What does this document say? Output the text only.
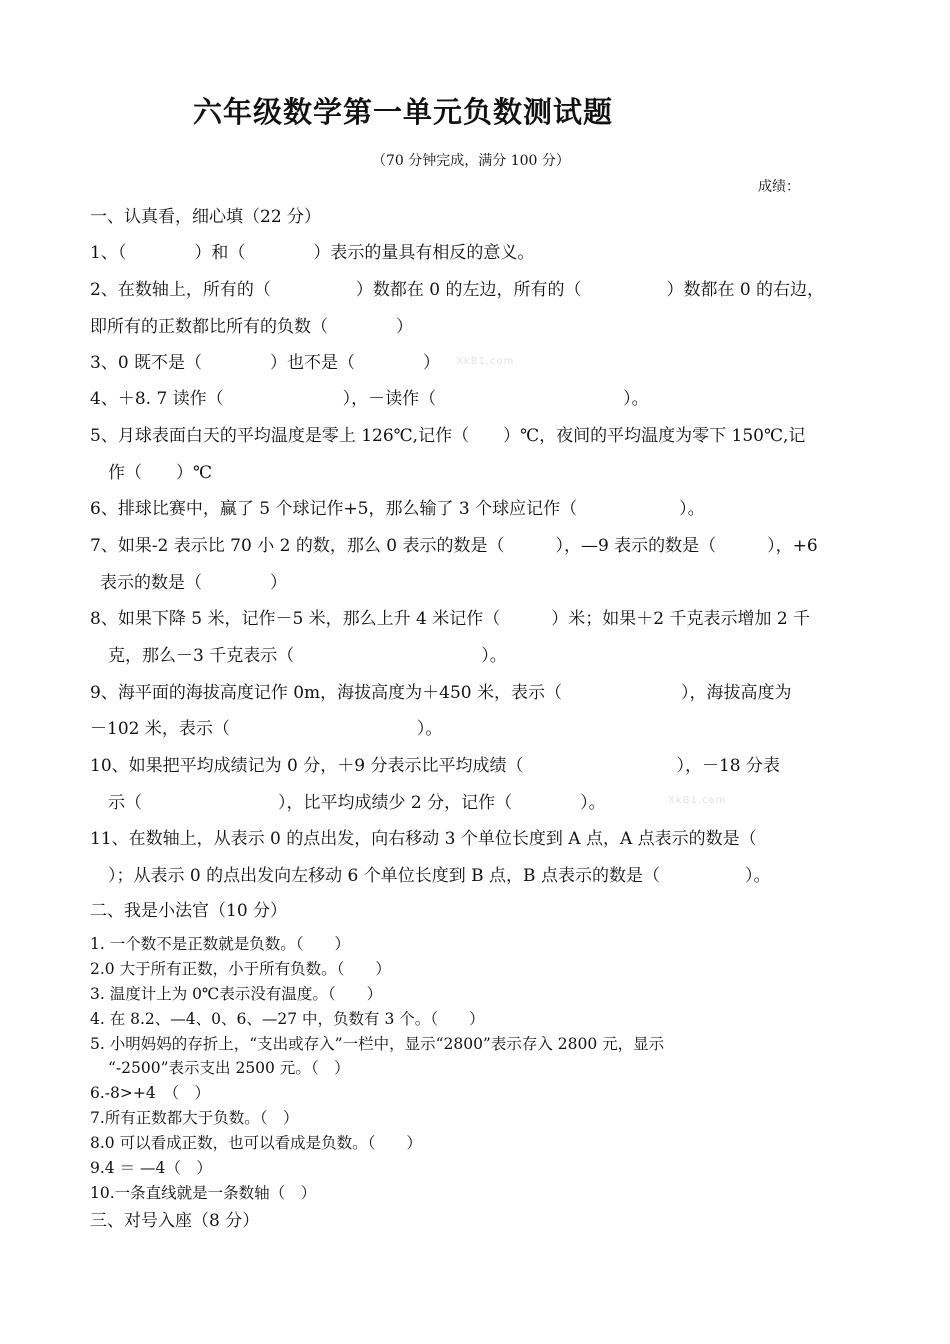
六年级数学第一单元负数测试题
（70 分钟完成，满分 100 分）
成绩：
一、认真看，细心填（22 分）
1、（　　　　）和（　　　　）表示的量具有相反的意义。
2、在数轴上，所有的（　　　　　）数都在 0 的左边，所有的（　　　　　）数都在 0 的右边，
即所有的正数都比所有的负数（　　　　）
3、0 既不是（　　　　）也不是（　　　　）
4、＋8. 7 读作（　　　　　　　），－读作（　　　　　　　　　　　）。
5、月球表面白天的平均温度是零上 126℃,记作（　　）℃，夜间的平均温度为零下 150℃,记
作（　　）℃
6、排球比赛中，赢了 5 个球记作+5，那么输了 3 个球应记作（　　　　　　）。
7、如果-2 表示比 70 小 2 的数，那么 0 表示的数是（　　　），—9 表示的数是（　　　），+6
表示的数是（　　　　）
8、如果下降 5 米，记作－5 米，那么上升 4 米记作（　　　）米；如果＋2 千克表示增加 2 千
克，那么－3 千克表示（　　　　　　　　　　　）。
9、海平面的海拔高度记作 0m，海拔高度为＋450 米，表示（　　　　　　　），海拔高度为
－102 米，表示（　　　　　　　　　　　）。
10、如果把平均成绩记为 0 分，＋9 分表示比平均成绩（　　　　　　　　　），－18 分表
示（　　　　　　　　），比平均成绩少 2 分，记作（　　　　）。
11、在数轴上，从表示 0 的点出发，向右移动 3 个单位长度到 A 点，A 点表示的数是（
）；从表示 0 的点出发向左移动 6 个单位长度到 B 点，B 点表示的数是（　　　　　）。
二、我是小法官（10 分）
1. 一个数不是正数就是负数。（　　）
2.0 大于所有正数，小于所有负数。（　　）
3. 温度计上为 0℃表示没有温度。（　　）
4. 在 8.2、—4、0、6、—27 中，负数有 3 个。（　　）
5. 小明妈妈的存折上，“支出或存入”一栏中，显示“2800”表示存入 2800 元，显示
“-2500”表示支出 2500 元。（　）
6.-8>+4　（　）
7.所有正数都大于负数。（　）
8.0 可以看成正数，也可以看成是负数。（　　）
9.4 ＝ —4（　）
10.一条直线就是一条数轴（　）
三、对号入座（8 分）
XkB1.com
XkB1.com
